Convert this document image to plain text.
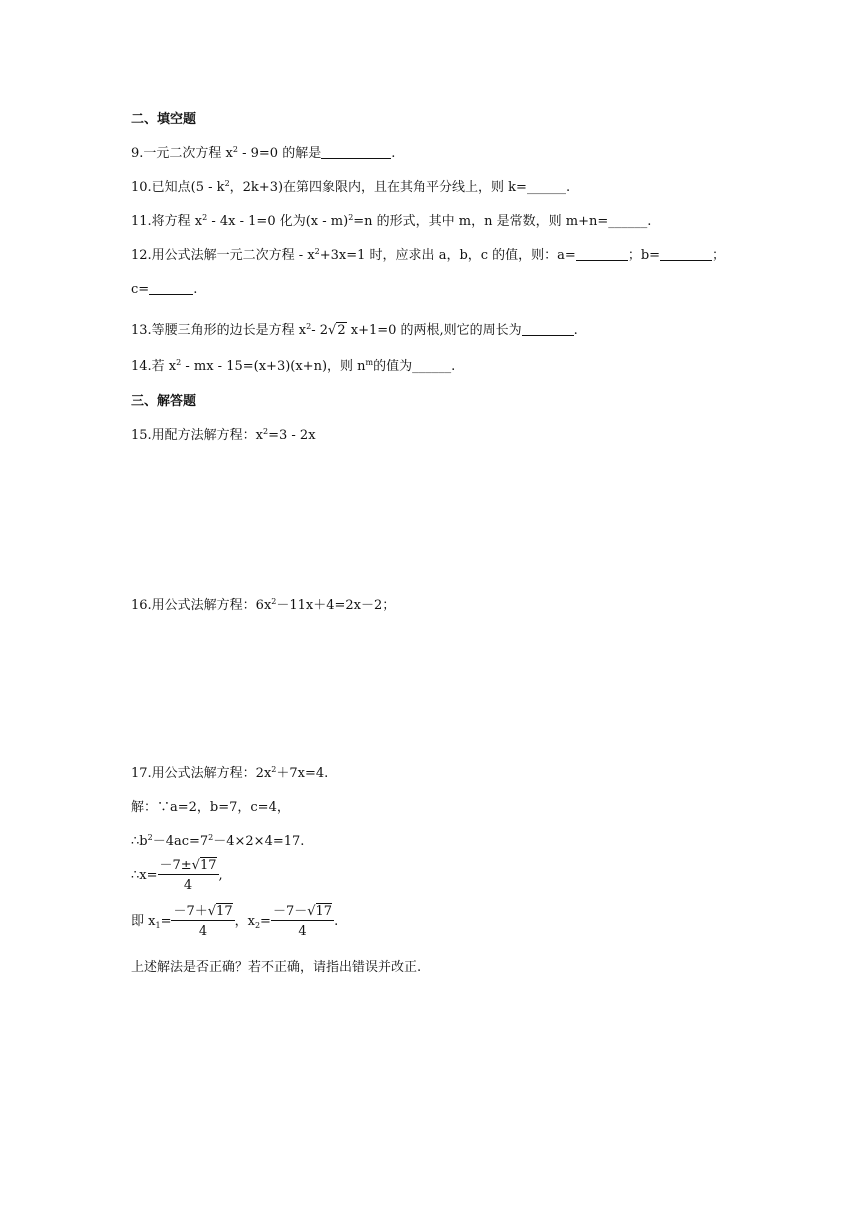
二、填空题
9.一元二次方程 $x^2 - 9=0$ 的解是	.
10.已知点($5 - k^2$，2k+3)在第四象限内，且在其角平分线上，则 k=______.
11.将方程 $x^2 - 4x - 1=0$ 化为(x - m)$^2$=n 的形式，其中 m，n 是常数，则 m+n=______.
12.用公式法解一元二次方程 - $x^2+3x=1$ 时，应求出 a，b，c 的值，则：a=	；b=	；
c=	.
13.等腰三角形的边长是方程 $x^2-$ 2√2 x+1=0 的两根,则它的周长为	.
14.若 $x^2$ - mx - 15=(x+3)(x+n)，则 $n^m$的值为______.
三、解答题
15.用配方法解方程：$x^2=3 - 2x$
16.用公式法解方程：$6x^2-11x+4=2x-2$；
17.用公式法解方程：$2x^2+7x=4$.
解：∵a=2，b=7，c=4，
$\therefore b^2-4ac=7^2-4\times 2\times 4=17$.
∴x= $\frac{-7\pm√17}{4}$ ,
即 $x_1= \frac{-7+√17}{4}$ ，$x_2= \frac{-7-√17}{4}$ .
上述解法是否正确？若不正确，请指出错误并改正.
